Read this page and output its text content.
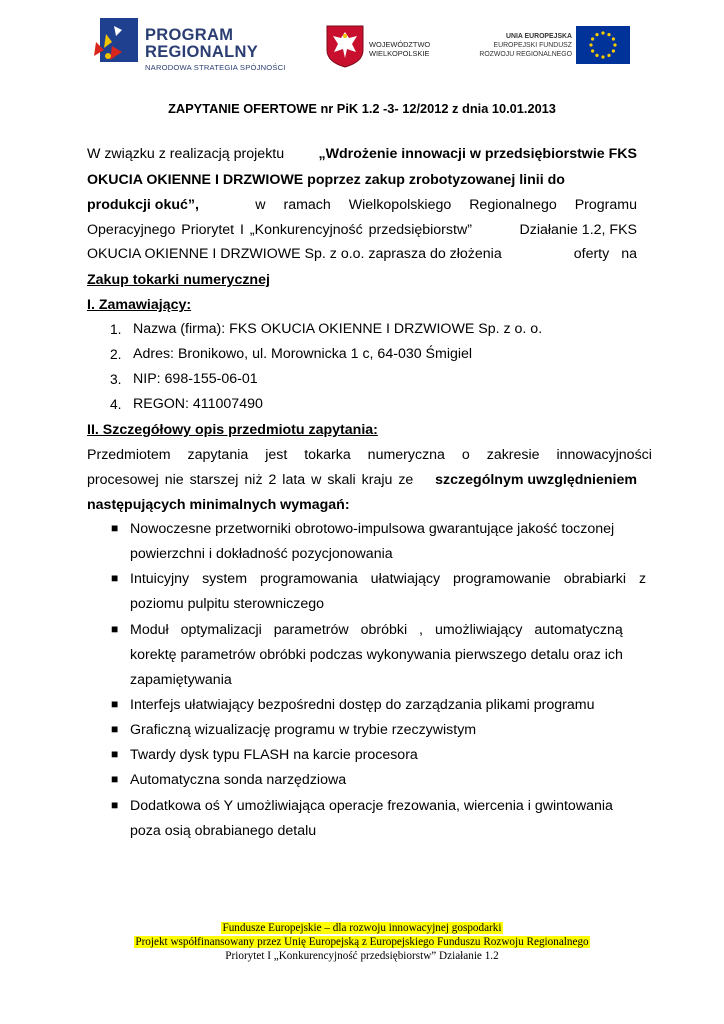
PROGRAM
REGIONALNY
NARODOWA STRATEGIA SPÓJNOŚCI
WOJEWÓDZTWO
WIELKOPOLSKIE
UNIA EUROPEJSKA
EUROPEJSKI FUNDUSZ
ROZWOJU REGIONALNEGO
ZAPYTANIE OFERTOWE nr PiK 1.2 -3- 12/2012 z dnia 10.01.2013
W związku z realizacją projektu „Wdrożenie innowacji w przedsiębiorstwie FKS
OKUCIA OKIENNE I DRZWIOWE poprzez zakup zrobotyzowanej linii do
produkcji okuć”,	w ramach Wielkopolskiego Regionalnego Programu
Operacyjnego Priorytet I „Konkurencyjność przedsiębiorstw”	Działanie 1.2, FKS
OKUCIA OKIENNE I DRZWIOWE Sp. z o.o. zaprasza do złożenia	oferty na
Zakup tokarki numerycznej
I. Zamawiający:
1. Nazwa (firma): FKS OKUCIA OKIENNE I DRZWIOWE Sp. z o. o.
2. Adres: Bronikowo, ul. Morownicka 1 c, 64-030 Śmigiel
3. NIP: 698-155-06-01
4. REGON: 411007490
II. Szczegółowy opis przedmiotu zapytania:
Przedmiotem zapytania jest tokarka numeryczna o zakresie innowacyjności
procesowej nie starszej niż 2 lata w skali kraju ze szczególnym uwzględnieniem
następujących minimalnych wymagań:
■ Nowoczesne przetworniki obrotowo-impulsowa gwarantujące jakość toczonej
powierzchni i dokładność pozycjonowania
■ Intuicyjny system programowania ułatwiający programowanie obrabiarki z
poziomu pulpitu sterowniczego
■ Moduł optymalizacji parametrów obróbki , umożliwiający automatyczną
korektę parametrów obróbki podczas wykonywania pierwszego detalu oraz ich
zapamiętywania
■ Interfejs ułatwiający bezpośredni dostęp do zarządzania plikami programu
■ Graficzną wizualizację programu w trybie rzeczywistym
■ Twardy dysk typu FLASH na karcie procesora
■ Automatyczna sonda narzędziowa
■ Dodatkowa oś Y umożliwiająca operacje frezowania, wiercenia i gwintowania
poza osią obrabianego detalu
Fundusze Europejskie – dla rozwoju innowacyjnej gospodarki
Projekt współfinansowany przez Unię Europejską z Europejskiego Funduszu Rozwoju Regionalnego
Priorytet I „Konkurencyjność przedsiębiorstw” Działanie 1.2
